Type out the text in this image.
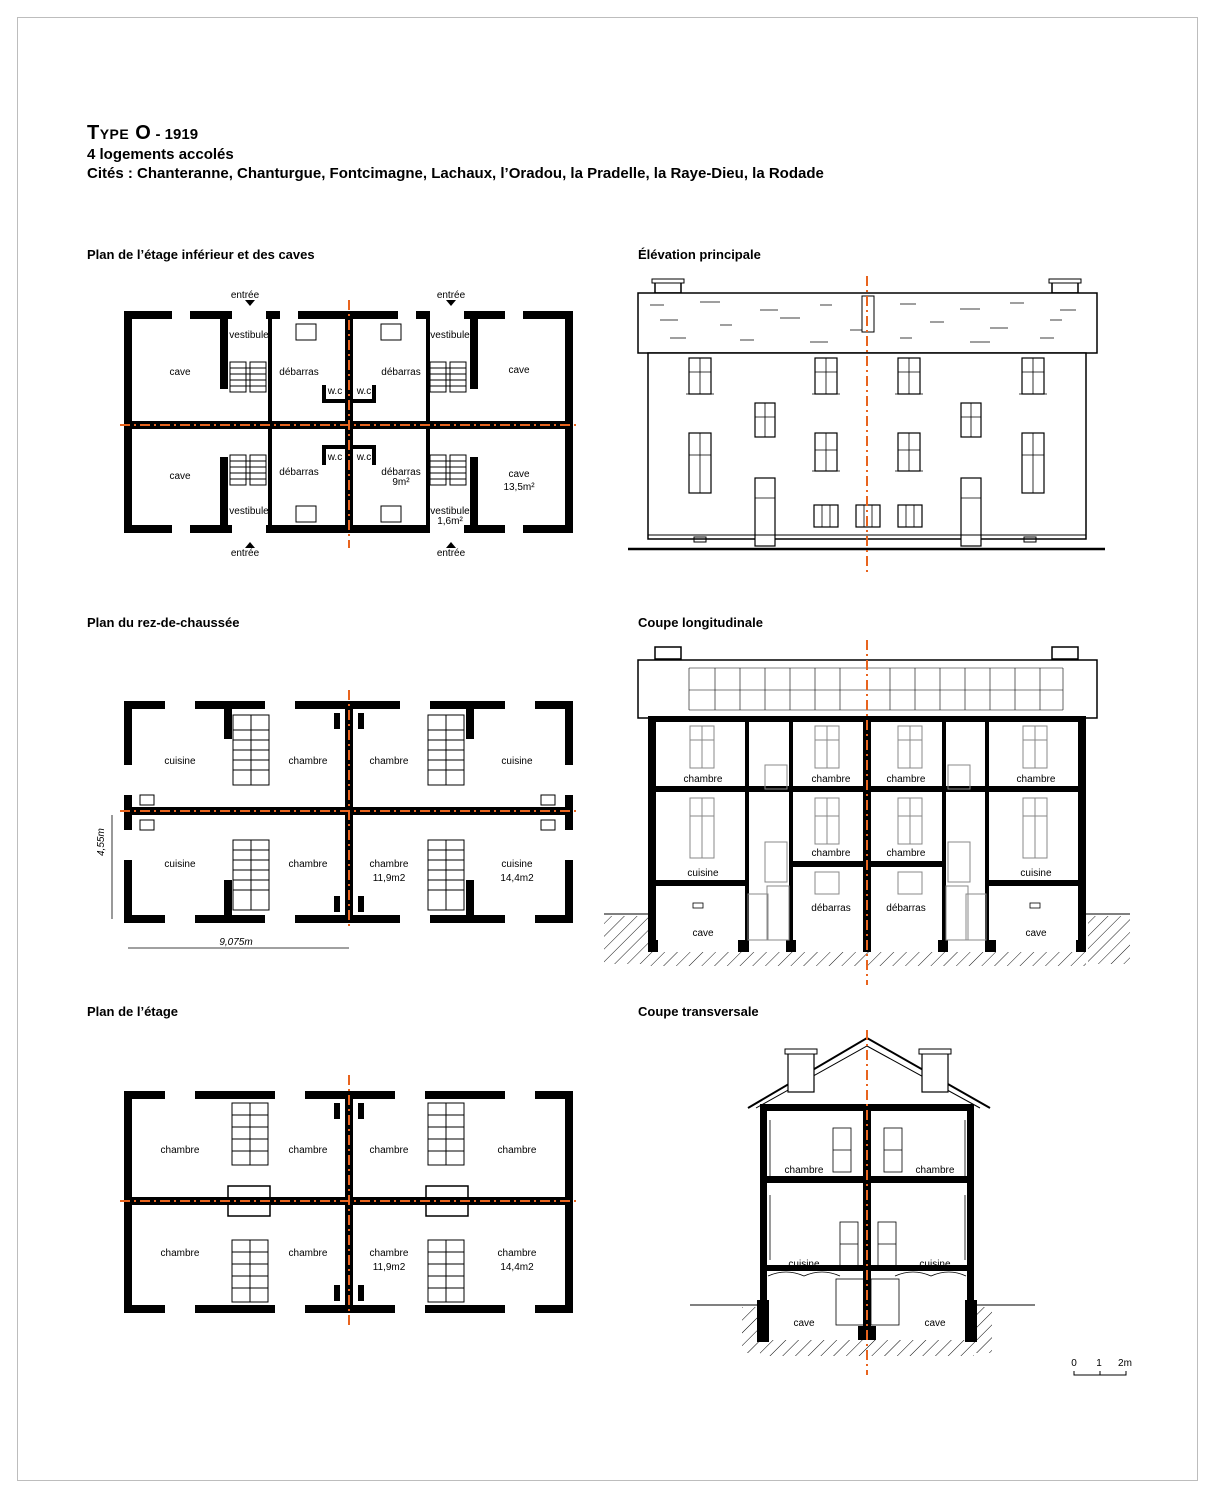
Type O - 1919
4 logements accolés
Cités : Chanteranne, Chanturgue, Fontcimagne, Lachaux, l’Oradou, la Pradelle, la Raye-Dieu, la Rodade
Plan de l’étage inférieur et des caves	Élévation principale
Plan du rez-de-chaussée	Coupe longitudinale
Plan de l’étage	Coupe transversale
entrée	entrée
entrée	entrée
vestibule	vestibule
vestibule	vestibule
1,6m²
cave	cave
cave	cave
13,5m²
débarras	débarras
débarras	débarras
9m²
w.c w.c
w.c w.c
4,55m
9,075m
cuisine	chambre	chambre	cuisine
cuisine	chambre	chambre
11,9m2
cuisine
14,4m2
chambre	chambre	chambre	chambre
chambre	chambre
cuisine	cuisine
débarras	débarras
cave	cave
chambre	chambre	chambre	chambre
chambre	chambre	chambre
11,9m2
chambre
14,4m2
chambre	chambre
cuisine	cuisine
cave	cave
0 1 2m
